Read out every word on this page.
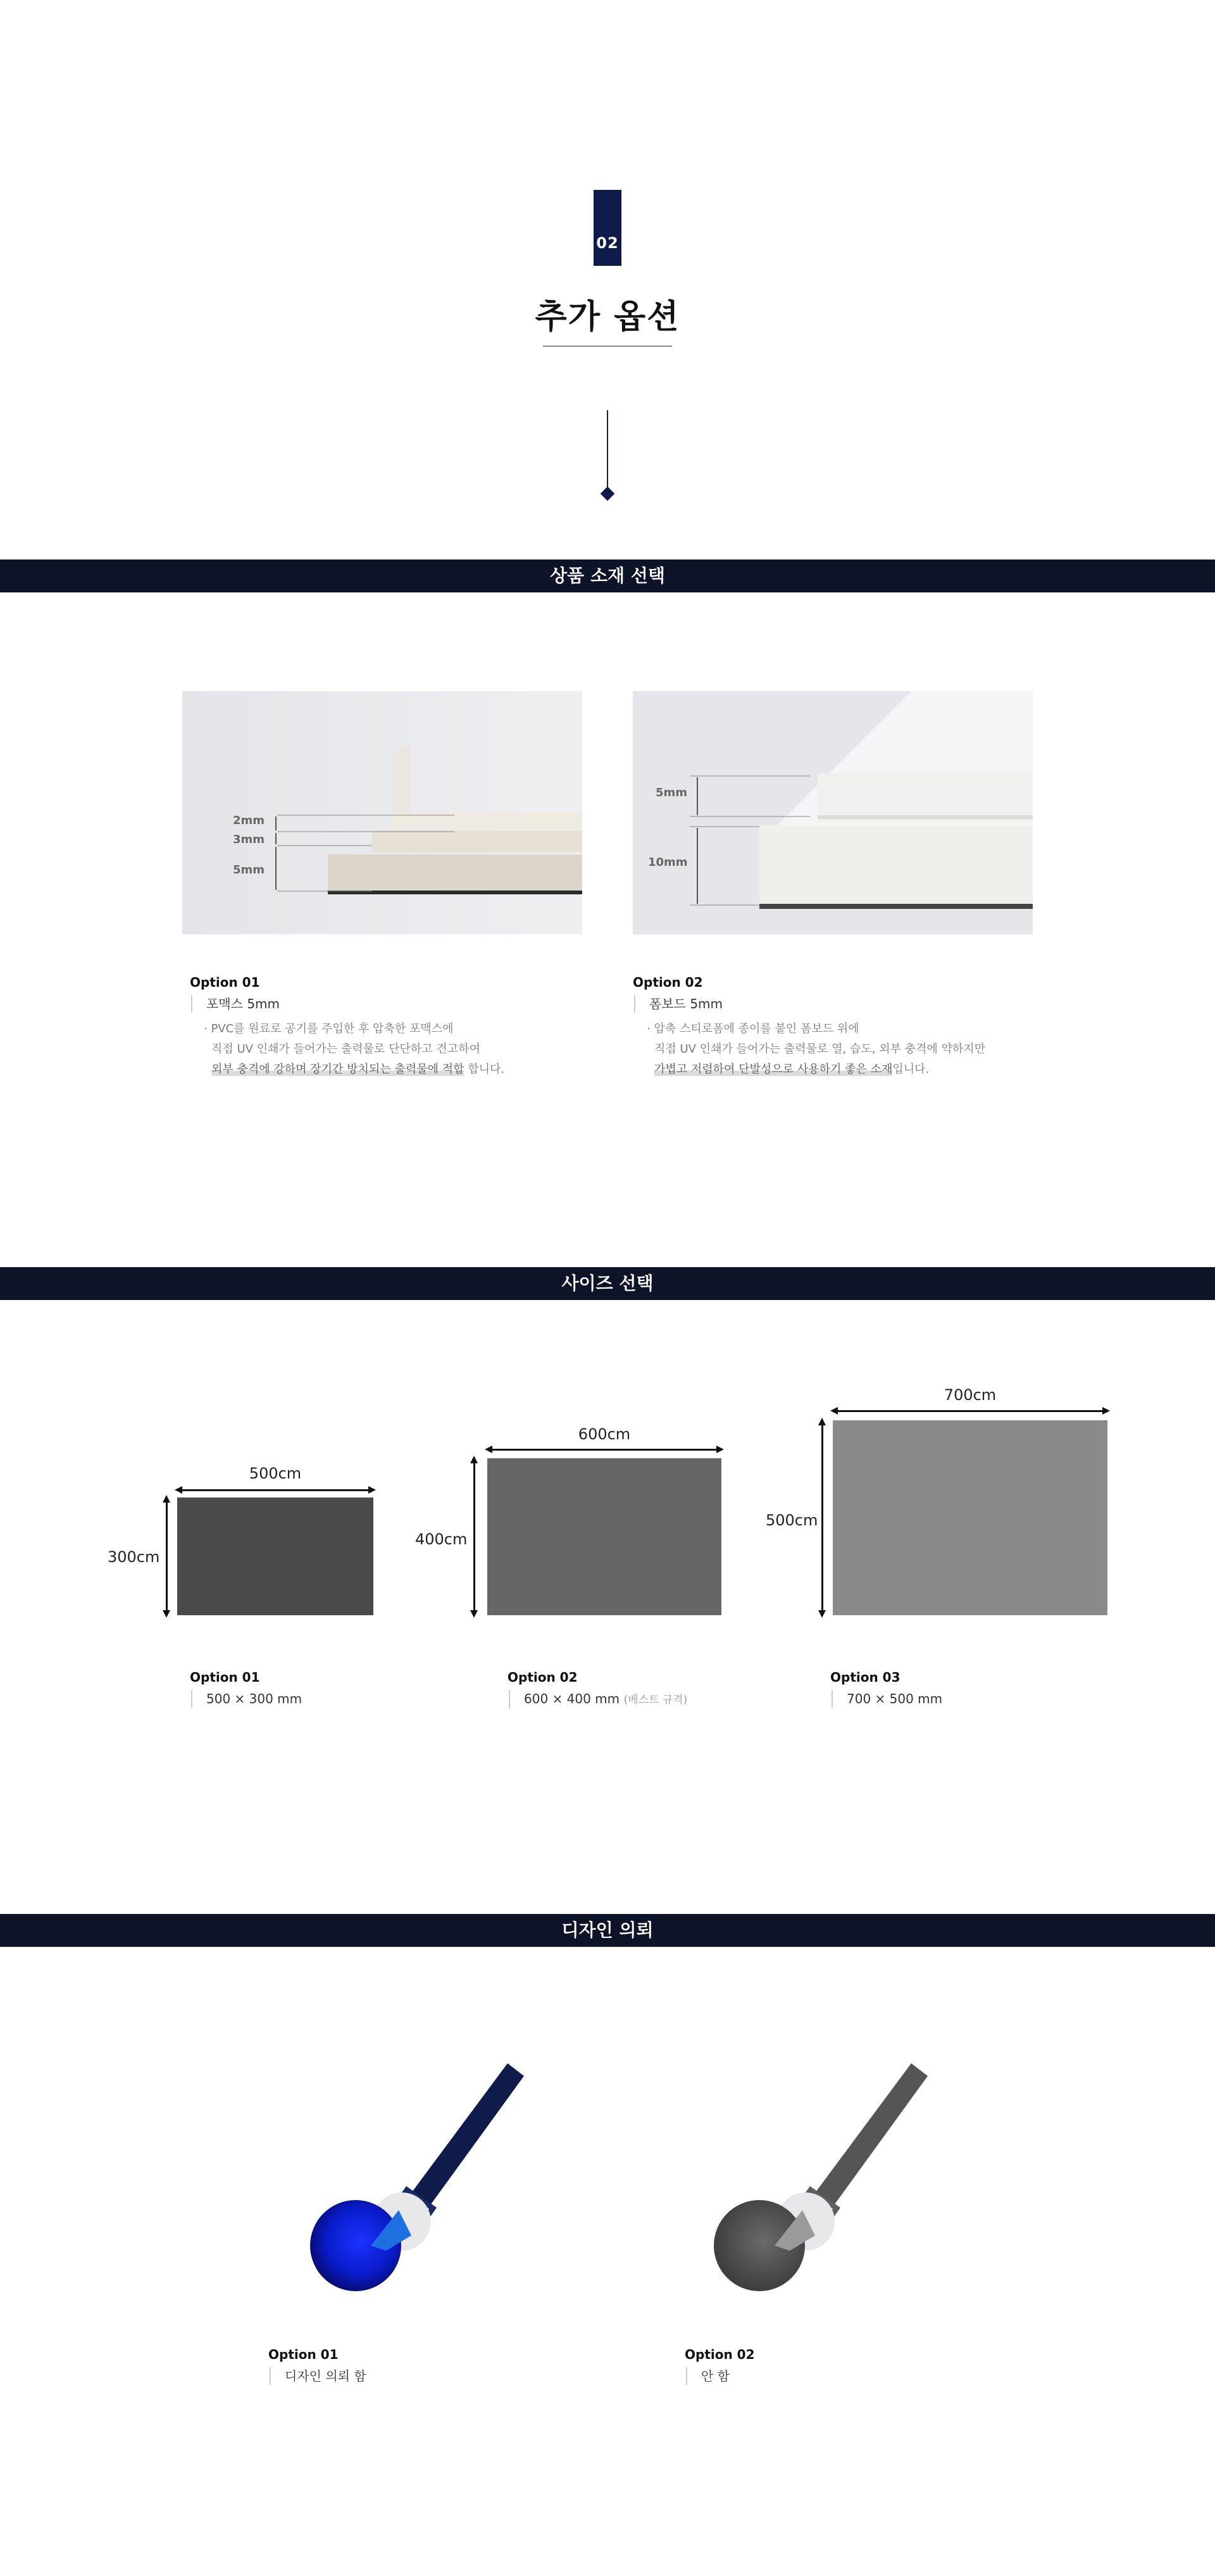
02
추가 옵션
상품 소재 선택
2mm
3mm
5mm
5mm
10mm
Option 01
포맥스 5mm
· PVC를 원료로 공기를 주입한 후 압축한 포맥스에
직접 UV 인쇄가 들어가는 출력물로 단단하고 견고하여
외부 충격에 강하며 장기간 방치되는 출력물에 적합 합니다.
Option 02
폼보드 5mm
· 압축 스티로폼에 종이를 붙인 폼보드 위에
직접 UV 인쇄가 들어가는 출력물로 열, 습도, 외부 충격에 약하지만
가볍고 저렴하여 단발성으로 사용하기 좋은 소재입니다.
사이즈 선택
500cm
300cm
600cm
400cm
700cm
500cm
Option 01
500 × 300 mm
Option 02
600 × 400 mm (베스트 규격)
Option 03
700 × 500 mm
디자인 의뢰
Option 01
디자인 의뢰 함
Option 02
안 함
